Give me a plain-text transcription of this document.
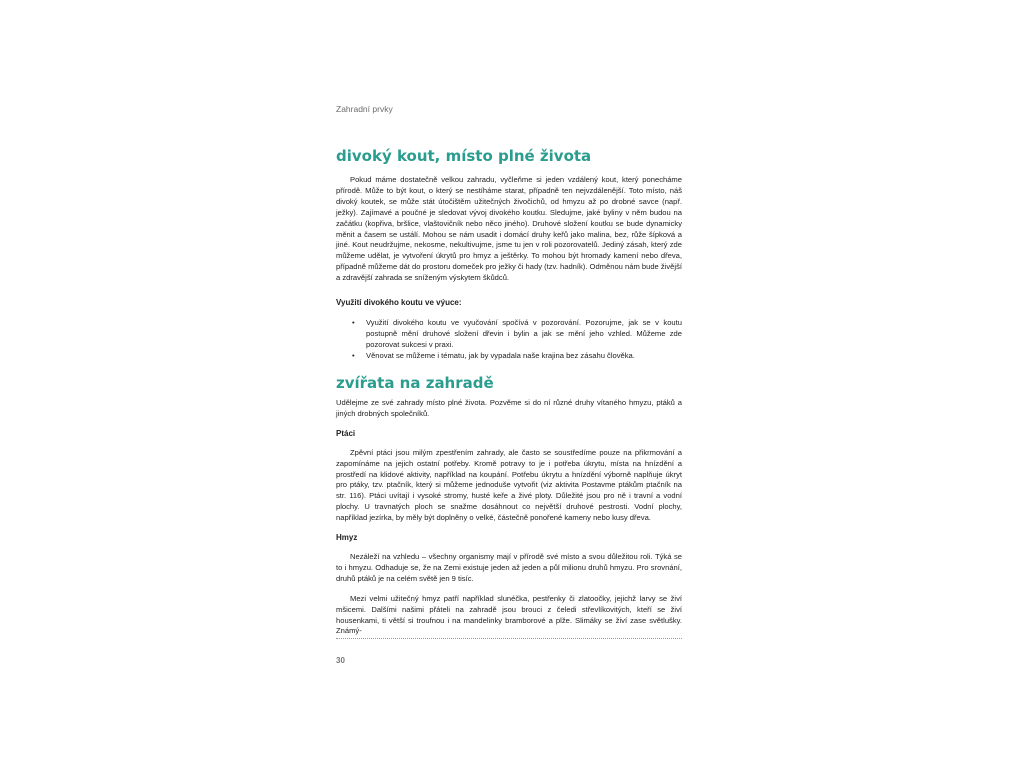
Zahradní prvky

divoký kout, místo plné života

Pokud máme dostatečně velkou zahradu, vyčleňme si jeden vzdálený kout, který ponecháme přírodě. Může to být kout, o který se nestíháme starat, případně ten nejvzdálenější. Toto místo, náš divoký koutek, se může stát útočištěm užitečných živočichů, od hmyzu až po drobné savce (např. ježky). Zajímavé a poučné je sledovat vývoj divokého koutku. Sledujme, jaké byliny v něm budou na začátku (kopřiva, bršlice, vlaštovičník nebo něco jiného). Druhové složení koutku se bude dynamicky měnit a časem se ustálí. Mohou se nám usadit i domácí druhy keřů jako malina, bez, růže šípková a jiné. Kout neudržujme, nekosme, nekultivujme, jsme tu jen v roli pozorovatelů. Jediný zásah, který zde můžeme udělat, je vytvoření úkrytů pro hmyz a ještěrky. To mohou být hromady kamení nebo dřeva, případně můžeme dát do prostoru domeček pro ježky či hady (tzv. hadník). Odměnou nám bude živější a zdravější zahrada se sníženým výskytem škůdců.

Využití divokého koutu ve výuce:

• Využití divokého koutu ve vyučování spočívá v pozorování. Pozorujme, jak se v koutu postupně mění druhové složení dřevin i bylin a jak se mění jeho vzhled. Můžeme zde pozorovat sukcesi v praxi.
• Věnovat se můžeme i tématu, jak by vypadala naše krajina bez zásahu člověka.
zvířata na zahradě

Udělejme ze své zahrady místo plné života. Pozvěme si do ní různé druhy vítaného hmyzu, ptáků a jiných drobných společníků.

Ptáci

Zpěvní ptáci jsou milým zpestřením zahrady, ale často se soustředíme pouze na přikrmování a zapomínáme na jejich ostatní potřeby. Kromě potravy to je i potřeba úkrytu, místa na hnízdění a prostředí na klidové aktivity, například na koupání. Potřebu úkrytu a hnízdění výborně naplňuje úkryt pro ptáky, tzv. ptačník, který si můžeme jednoduše vytvořit (viz aktivita Postavme ptákům ptačník na str. 116). Ptáci uvítají i vysoké stromy, husté keře a živé ploty. Důležité jsou pro ně i travní a vodní plochy. U travnatých ploch se snažme dosáhnout co největší druhové pestrosti. Vodní plochy, například jezírka, by měly být doplněny o velké, částečně ponořené kameny nebo kusy dřeva.

Hmyz

Nezáleží na vzhledu – všechny organismy mají v přírodě své místo a svou důležitou roli. Týká se to i hmyzu. Odhaduje se, že na Zemi existuje jeden až jeden a půl milionu druhů hmyzu. Pro srovnání, druhů ptáků je na celém světě jen 9 tisíc.

Mezi velmi užitečný hmyz patří například slunéčka, pestřenky či zlatoočky, jejichž larvy se živí mšicemi. Dalšími našimi přáteli na zahradě jsou brouci z čeledi střevlíkovitých, kteří se živí housenkami, ti větší si troufnou i na mandelinky bramborové a plže. Slimáky se živí zase světlušky. Známý-

30
